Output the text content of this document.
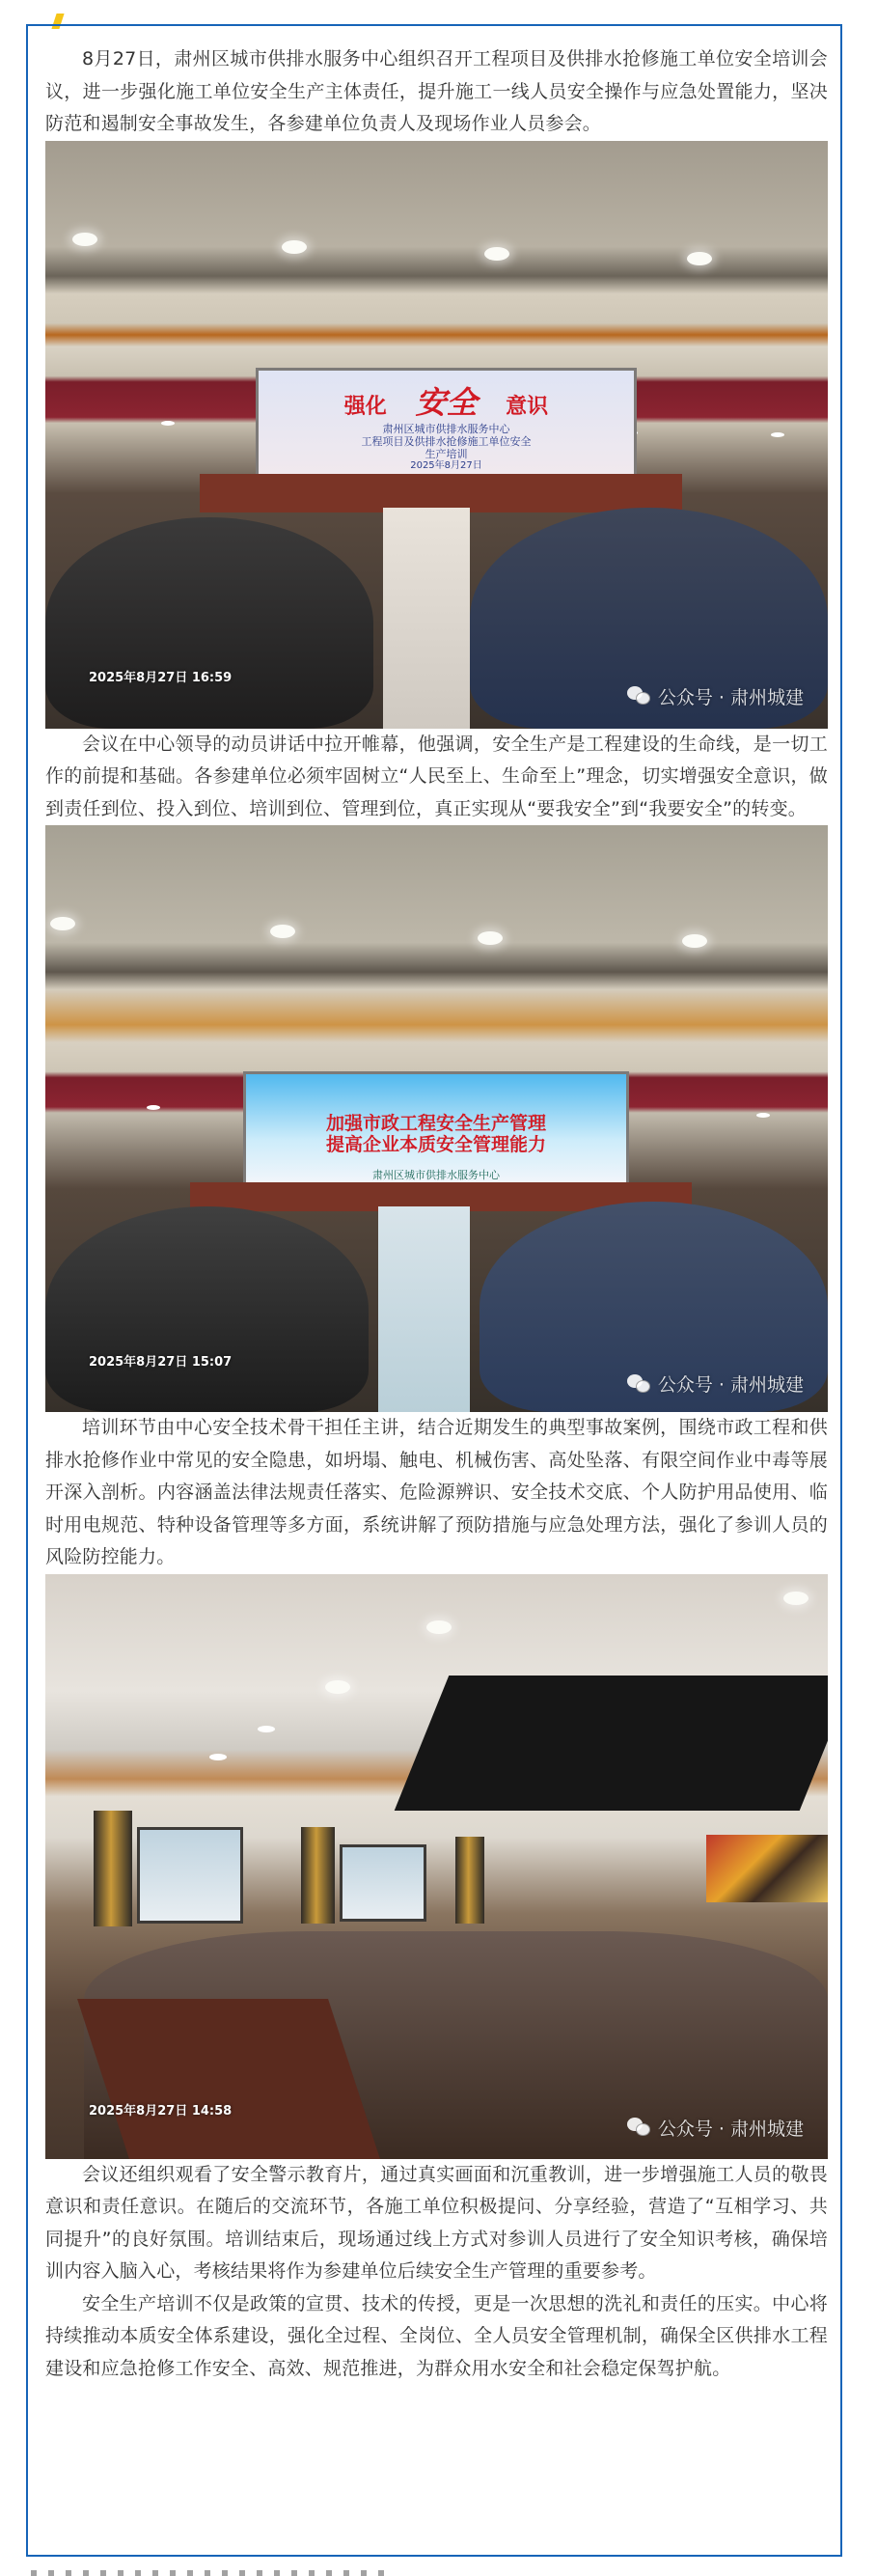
8月27日，肃州区城市供排水服务中心组织召开工程项目及供排水抢修施工单位安全培训会议，进一步强化施工单位安全生产主体责任，提升施工一线人员安全操作与应急处置能力，坚决防范和遏制安全事故发生，各参建单位负责人及现场作业人员参会。

强化 安全 意识
肃州区城市供排水服务中心
工程项目及供排水抢修施工单位安全
生产培训
2025年8月27日
2025年8月27日 16:59
公众号 · 肃州城建

会议在中心领导的动员讲话中拉开帷幕，他强调，安全生产是工程建设的生命线，是一切工作的前提和基础。各参建单位必须牢固树立“人民至上、生命至上”理念，切实增强安全意识，做到责任到位、投入到位、培训到位、管理到位，真正实现从“要我安全”到“我要安全”的转变。

加强市政工程安全生产管理
提高企业本质安全管理能力
肃州区城市供排水服务中心
2025年8月27日 15:07
公众号 · 肃州城建

培训环节由中心安全技术骨干担任主讲，结合近期发生的典型事故案例，围绕市政工程和供排水抢修作业中常见的安全隐患，如坍塌、触电、机械伤害、高处坠落、有限空间作业中毒等展开深入剖析。内容涵盖法律法规责任落实、危险源辨识、安全技术交底、个人防护用品使用、临时用电规范、特种设备管理等多方面，系统讲解了预防措施与应急处理方法，强化了参训人员的风险防控能力。

2025年8月27日 14:58
公众号 · 肃州城建

会议还组织观看了安全警示教育片，通过真实画面和沉重教训，进一步增强施工人员的敬畏意识和责任意识。在随后的交流环节，各施工单位积极提问、分享经验，营造了“互相学习、共同提升”的良好氛围。培训结束后，现场通过线上方式对参训人员进行了安全知识考核，确保培训内容入脑入心，考核结果将作为参建单位后续安全生产管理的重要参考。

安全生产培训不仅是政策的宣贯、技术的传授，更是一次思想的洗礼和责任的压实。中心将持续推动本质安全体系建设，强化全过程、全岗位、全人员安全管理机制，确保全区供排水工程建设和应急抢修工作安全、高效、规范推进，为群众用水安全和社会稳定保驾护航。
